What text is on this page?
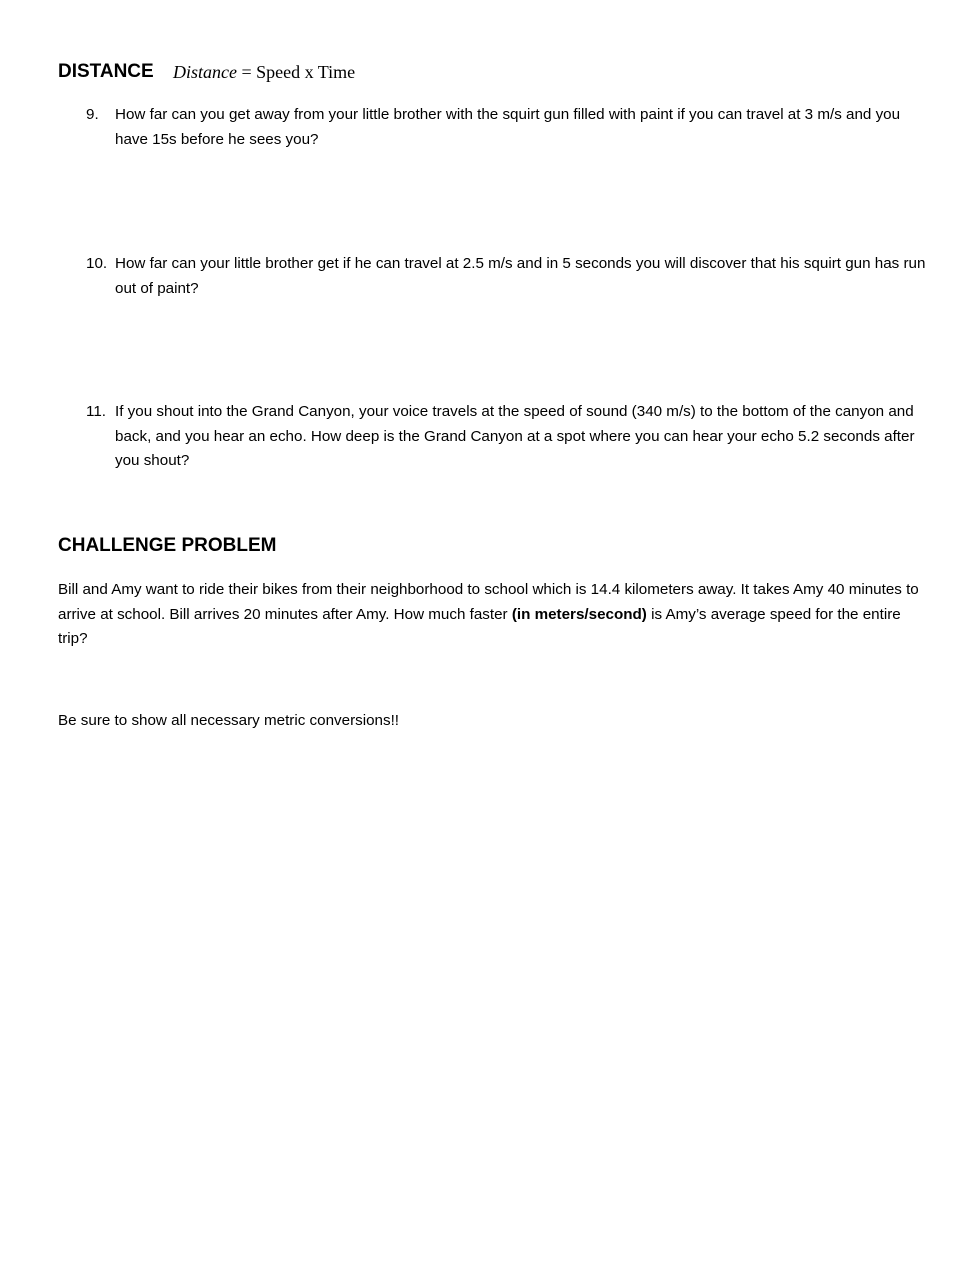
DISTANCE Distance = Speed x Time
9.	How far can you get away from your little brother with the squirt gun filled with paint if you can travel at 3 m/s and you have 15s before he sees you?
10. How far can your little brother get if he can travel at 2.5 m/s and in 5 seconds you will discover that his squirt gun has run out of paint?
11. If you shout into the Grand Canyon, your voice travels at the speed of sound (340 m/s) to the bottom of the canyon and back, and you hear an echo. How deep is the Grand Canyon at a spot where you can hear your echo 5.2 seconds after you shout?
CHALLENGE PROBLEM
Bill and Amy want to ride their bikes from their neighborhood to school which is 14.4 kilometers away. It takes Amy 40 minutes to arrive at school. Bill arrives 20 minutes after Amy. How much faster (in meters/second) is Amy’s average speed for the entire trip?
Be sure to show all necessary metric conversions!!
